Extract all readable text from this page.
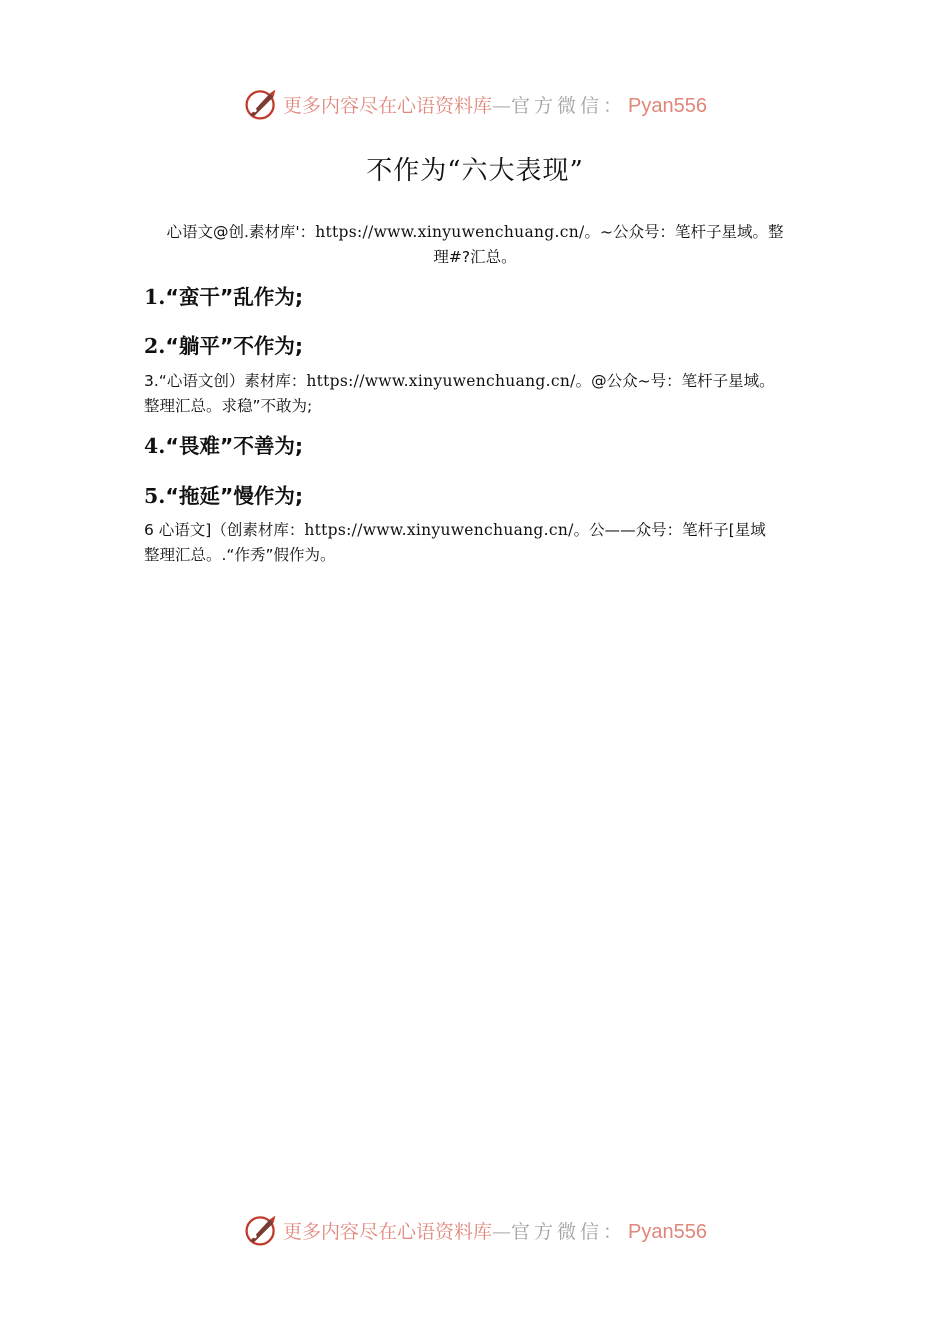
更多内容尽在心语资料库 — 官方微信： Pyan556
不作为“六大表现”
心语文@创.素材库'：https://www.xinyuwenchuang.cn/。~公众号：笔杆子星域。整
理#?汇总。
1.“蛮干”乱作为;
2.“躺平”不作为;
3.“心语文创）素材库：https://www.xinyuwenchuang.cn/。@公众~号：笔杆子星域。
整理汇总。求稳”不敢为;
4.“畏难”不善为;
5.“拖延”慢作为;
6 心语文]（创素材库：https://www.xinyuwenchuang.cn/。公——众号：笔杆子[星域
整理汇总。.“作秀”假作为。
更多内容尽在心语资料库 — 官方微信： Pyan556
